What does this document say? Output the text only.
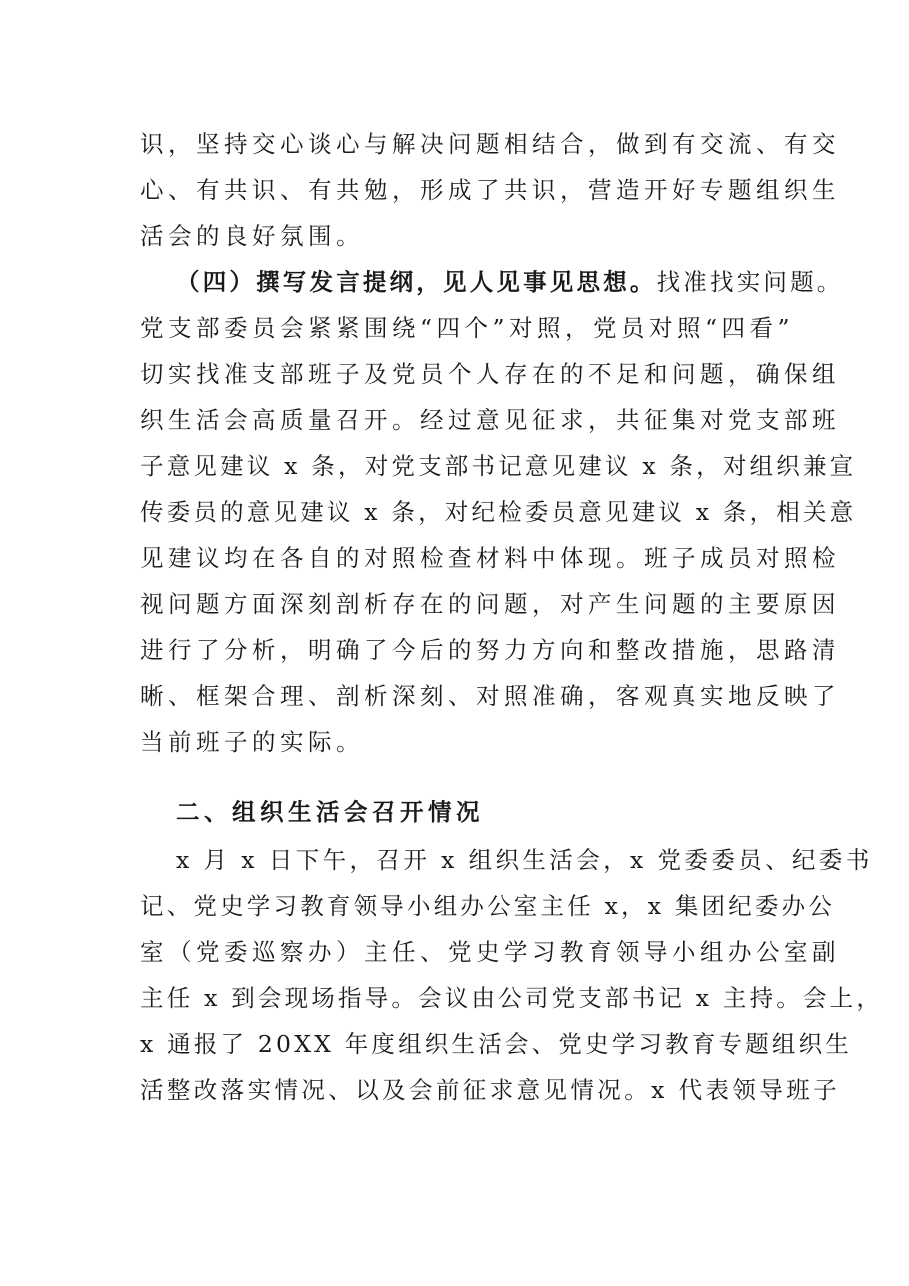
识，坚持交心谈心与解决问题相结合，做到有交流、有交
心、有共识、有共勉，形成了共识，营造开好专题组织生
活会的良好氛围。
（四）撰写发言提纲，见人见事见思想。找准找实问题。
党支部委员会紧紧围绕“四个”对照，党员对照“四看”
切实找准支部班子及党员个人存在的不足和问题，确保组
织生活会高质量召开。经过意见征求，共征集对党支部班
子意见建议 x 条，对党支部书记意见建议 x 条，对组织兼宣
传委员的意见建议 x 条，对纪检委员意见建议 x 条，相关意
见建议均在各自的对照检查材料中体现。班子成员对照检
视问题方面深刻剖析存在的问题，对产生问题的主要原因
进行了分析，明确了今后的努力方向和整改措施，思路清
晰、框架合理、剖析深刻、对照准确，客观真实地反映了
当前班子的实际。
二、组织生活会召开情况
x 月 x 日下午，召开 x 组织生活会，x 党委委员、纪委书
记、党史学习教育领导小组办公室主任 x，x 集团纪委办公
室（党委巡察办）主任、党史学习教育领导小组办公室副
主任 x 到会现场指导。会议由公司党支部书记 x 主持。会上，
x 通报了 20XX 年度组织生活会、党史学习教育专题组织生
活整改落实情况、以及会前征求意见情况。x 代表领导班子
